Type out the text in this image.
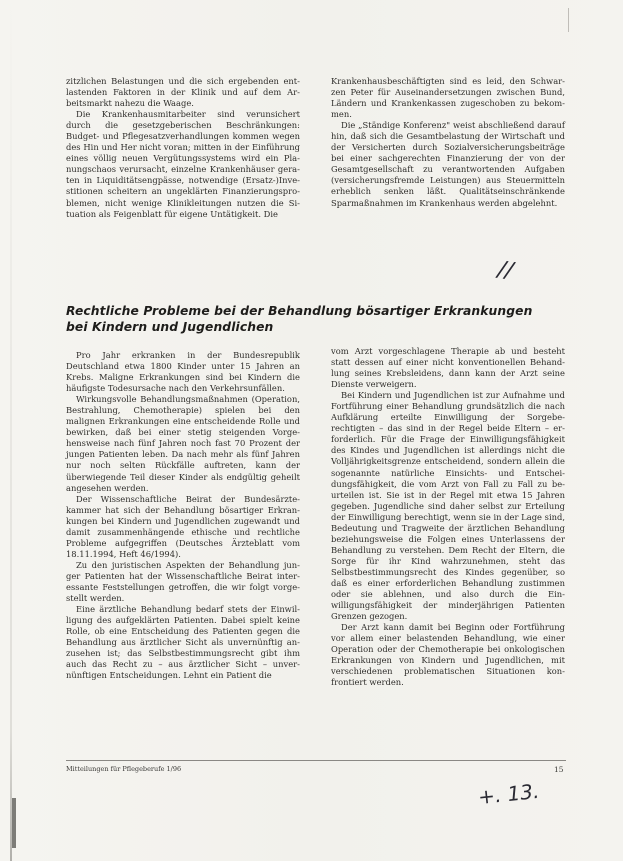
zitzlichen Belastungen und die sich ergebenden entlastenden Faktoren in der Klinik und auf dem Arbeitsmarkt nahezu die Waage.

Die Krankenhausmitarbeiter sind verunsichert durch die gesetzgeberischen Beschränkungen: Budget- und Pflegesatzverhandlungen kommen wegen des Hin und Her nicht voran; mitten in der Einführung eines völlig neuen Vergütungssystems wird ein Planungschaos verursacht, einzelne Krankenhäuser geraten in Liquiditätsengpässe, notwendige (Ersatz-)Investitionen scheitern an ungeklärten Finanzierungsproblemen, nicht wenige Klinikleitungen nutzen die Situation als Feigenblatt für eigene Untätigkeit. Die

Krankenhausbeschäftigten sind es leid, den Schwarzen Peter für Auseinandersetzungen zwischen Bund, Ländern und Krankenkassen zugeschoben zu bekommen.

Die „Ständige Konferenz" weist abschließend darauf hin, daß sich die Gesamtbelastung der Wirtschaft und der Versicherten durch Sozialversicherungsbeiträge bei einer sachgerechten Finanzierung der von der Gesamtgesellschaft zu verantwortenden Aufgaben (versicherungsfremde Leistungen) aus Steuermitteln erheblich senken läßt. Qualitätseinschränkende Sparmaßnahmen im Krankenhaus werden abgelehnt.

//
Rechtliche Probleme bei der Behandlung bösartiger Erkrankungen
bei Kindern und Jugendlichen

Pro Jahr erkranken in der Bundesrepublik Deutschland etwa 1800 Kinder unter 15 Jahren an Krebs. Maligne Erkrankungen sind bei Kindern die häufigste Todesursache nach den Verkehrsunfällen.

Wirkungsvolle Behandlungsmaßnahmen (Operation, Bestrahlung, Chemotherapie) spielen bei den malignen Erkrankungen eine entscheidende Rolle und bewirken, daß bei einer stetig steigenden Vorgehensweise nach fünf Jahren noch fast 70 Prozent der jungen Patienten leben. Da nach mehr als fünf Jahren nur noch selten Rückfälle auftreten, kann der überwiegende Teil dieser Kinder als endgültig geheilt angesehen werden.

Der Wissenschaftliche Beirat der Bundesärztekammer hat sich der Behandlung bösartiger Erkrankungen bei Kindern und Jugendlichen zugewandt und damit zusammenhängende ethische und rechtliche Probleme aufgegriffen (Deutsches Ärzteblatt vom 18.11.1994, Heft 46/1994).

Zu den juristischen Aspekten der Behandlung junger Patienten hat der Wissenschaftliche Beirat interessante Feststellungen getroffen, die wir folgt vorgestellt werden.

Eine ärztliche Behandlung bedarf stets der Einwilligung des aufgeklärten Patienten. Dabei spielt keine Rolle, ob eine Entscheidung des Patienten gegen die Behandlung aus ärztlicher Sicht als unvernünftig anzusehen ist; das Selbstbestimmungsrecht gibt ihm auch das Recht zu – aus ärztlicher Sicht – unvernünftigen Entscheidungen. Lehnt ein Patient die

vom Arzt vorgeschlagene Therapie ab und besteht statt dessen auf einer nicht konventionellen Behandlung seines Krebsleidens, dann kann der Arzt seine Dienste verweigern.

Bei Kindern und Jugendlichen ist zur Aufnahme und Fortführung einer Behandlung grundsätzlich die nach Aufklärung erteilte Einwilligung der Sorgeberechtigten – das sind in der Regel beide Eltern – erforderlich. Für die Frage der Einwilligungsfähigkeit des Kindes und Jugendlichen ist allerdings nicht die Volljährigkeitsgrenze entscheidend, sondern allein die sogenannte natürliche Einsichts- und Entscheidungsfähigkeit, die vom Arzt von Fall zu Fall zu beurteilen ist. Sie ist in der Regel mit etwa 15 Jahren gegeben. Jugendliche sind daher selbst zur Erteilung der Einwilligung berechtigt, wenn sie in der Lage sind, Bedeutung und Tragweite der ärztlichen Behandlung beziehungsweise die Folgen eines Unterlassens der Behandlung zu verstehen. Dem Recht der Eltern, die Sorge für ihr Kind wahrzunehmen, steht das Selbstbestimmungsrecht des Kindes gegenüber, so daß es einer erforderlichen Behandlung zustimmen oder sie ablehnen, und also durch die Einwilligungsfähigkeit der minderjährigen Patienten Grenzen gezogen.

Der Arzt kann damit bei Beginn oder Fortführung vor allem einer belastenden Behandlung, wie einer Operation oder der Chemotherapie bei onkologischen Erkrankungen von Kindern und Jugendlichen, mit verschiedenen problematischen Situationen konfrontiert werden.

Mitteilungen für Pflegeberufe 1/96	15
+. 13.
